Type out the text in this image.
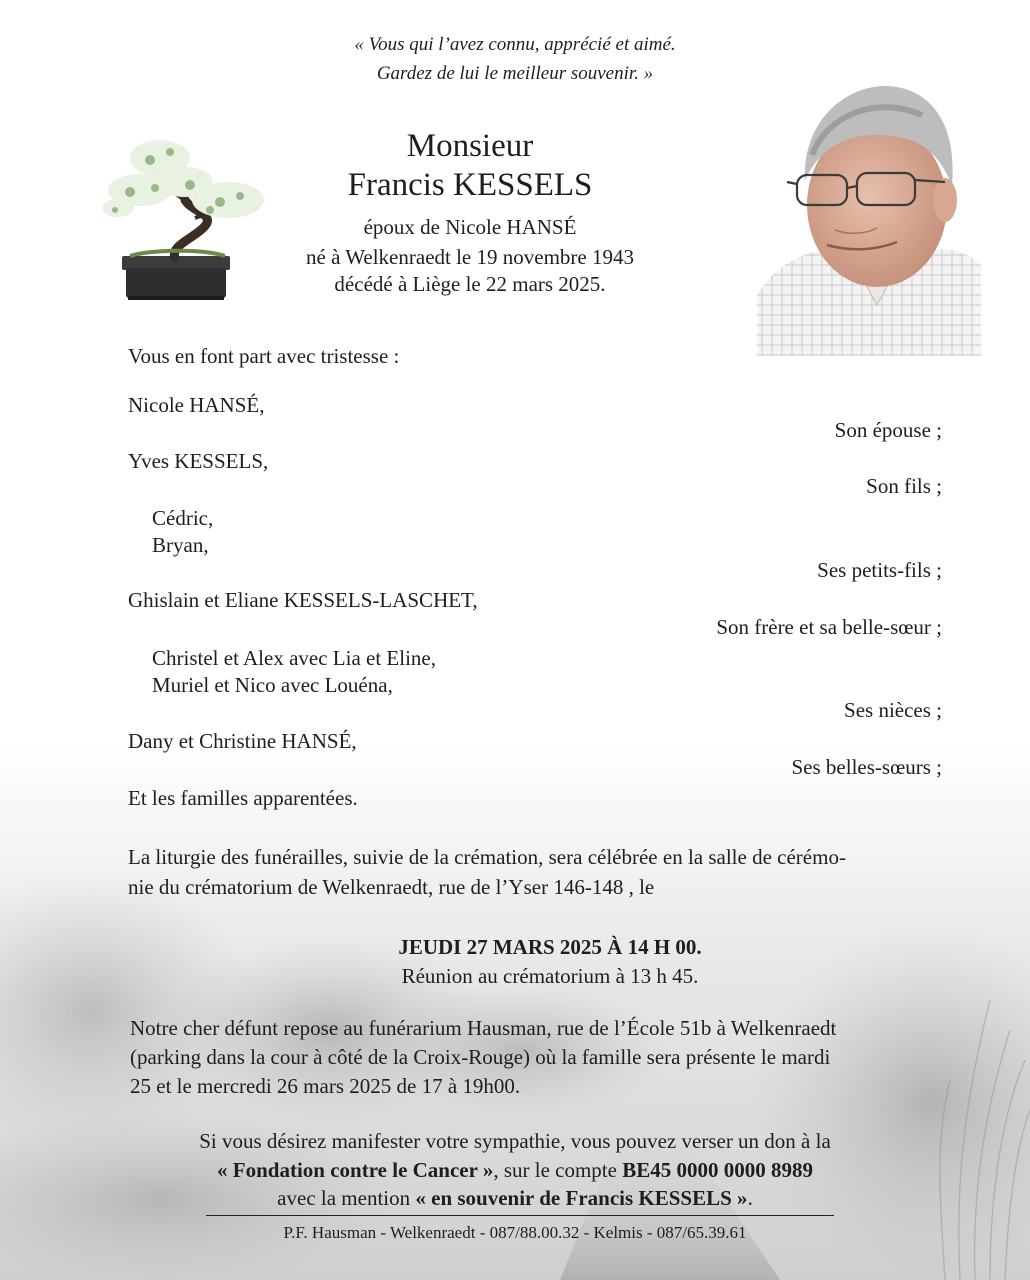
« Vous qui l’avez connu, apprécié et aimé.
Gardez de lui le meilleur souvenir. »
Monsieur
Francis KESSELS
époux de Nicole HANSÉ
né à Welkenraedt le 19 novembre 1943
décédé à Liège le 22 mars 2025.
Vous en font part avec tristesse :
Nicole HANSÉ,
Son épouse ;
Yves KESSELS,
Son fils ;
Cédric,
Bryan,
Ses petits-fils ;
Ghislain et Eliane KESSELS-LASCHET,
Son frère et sa belle-sœur ;
Christel et Alex avec Lia et Eline,
Muriel et Nico avec Louéna,
Ses nièces ;
Dany et Christine HANSÉ,
Ses belles-sœurs ;
Et les familles apparentées.
La liturgie des funérailles, suivie de la crémation, sera célébrée en la salle de cérémo-
nie du crématorium de Welkenraedt, rue de l’Yser 146-148 , le
JEUDI 27 MARS 2025 À 14 H 00.
Réunion au crématorium à 13 h 45.
Notre cher défunt repose au funérarium Hausman, rue de l’École 51b à Welkenraedt
(parking dans la cour à côté de la Croix-Rouge) où la famille sera présente le mardi
25 et le mercredi 26 mars 2025 de 17 à 19h00.
Si vous désirez manifester votre sympathie, vous pouvez verser un don à la
« Fondation contre le Cancer », sur le compte BE45 0000 0000 8989
avec la mention « en souvenir de Francis KESSELS ».
P.F. Hausman - Welkenraedt - 087/88.00.32 - Kelmis - 087/65.39.61
